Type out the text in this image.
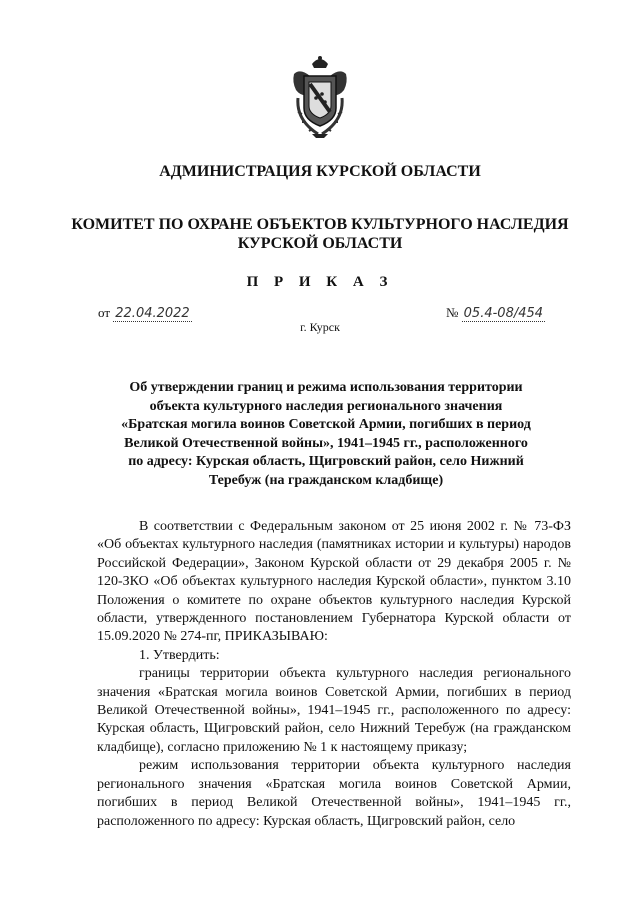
АДМИНИСТРАЦИЯ КУРСКОЙ ОБЛАСТИ
КОМИТЕТ ПО ОХРАНЕ ОБЪЕКТОВ КУЛЬТУРНОГО НАСЛЕДИЯ
КУРСКОЙ ОБЛАСТИ
П Р И К А З
от 22.04.2022	№ 05.4-08/454
г. Курск
Об утверждении границ и режима использования территории
объекта культурного наследия регионального значения
«Братская могила воинов Советской Армии, погибших в период
Великой Отечественной войны», 1941–1945 гг., расположенного
по адресу: Курская область, Щигровский район, село Нижний
Теребуж (на гражданском кладбище)

В соответствии с Федеральным законом от 25 июня 2002 г. № 73-ФЗ «Об объектах культурного наследия (памятниках истории и культуры) народов Российской Федерации», Законом Курской области от 29 декабря 2005 г. № 120-ЗКО «Об объектах культурного наследия Курской области», пунктом 3.10 Положения о комитете по охране объектов культурного наследия Курской области, утвержденного постановлением Губернатора Курской области от 15.09.2020 № 274-пг, ПРИКАЗЫВАЮ:

1. Утвердить:

границы территории объекта культурного наследия регионального значения «Братская могила воинов Советской Армии, погибших в период Великой Отечественной войны», 1941–1945 гг., расположенного по адресу: Курская область, Щигровский район, село Нижний Теребуж (на гражданском кладбище), согласно приложению № 1 к настоящему приказу;

режим использования территории объекта культурного наследия регионального значения «Братская могила воинов Советской Армии, погибших в период Великой Отечественной войны», 1941–1945 гг., расположенного по адресу: Курская область, Щигровский район, село
